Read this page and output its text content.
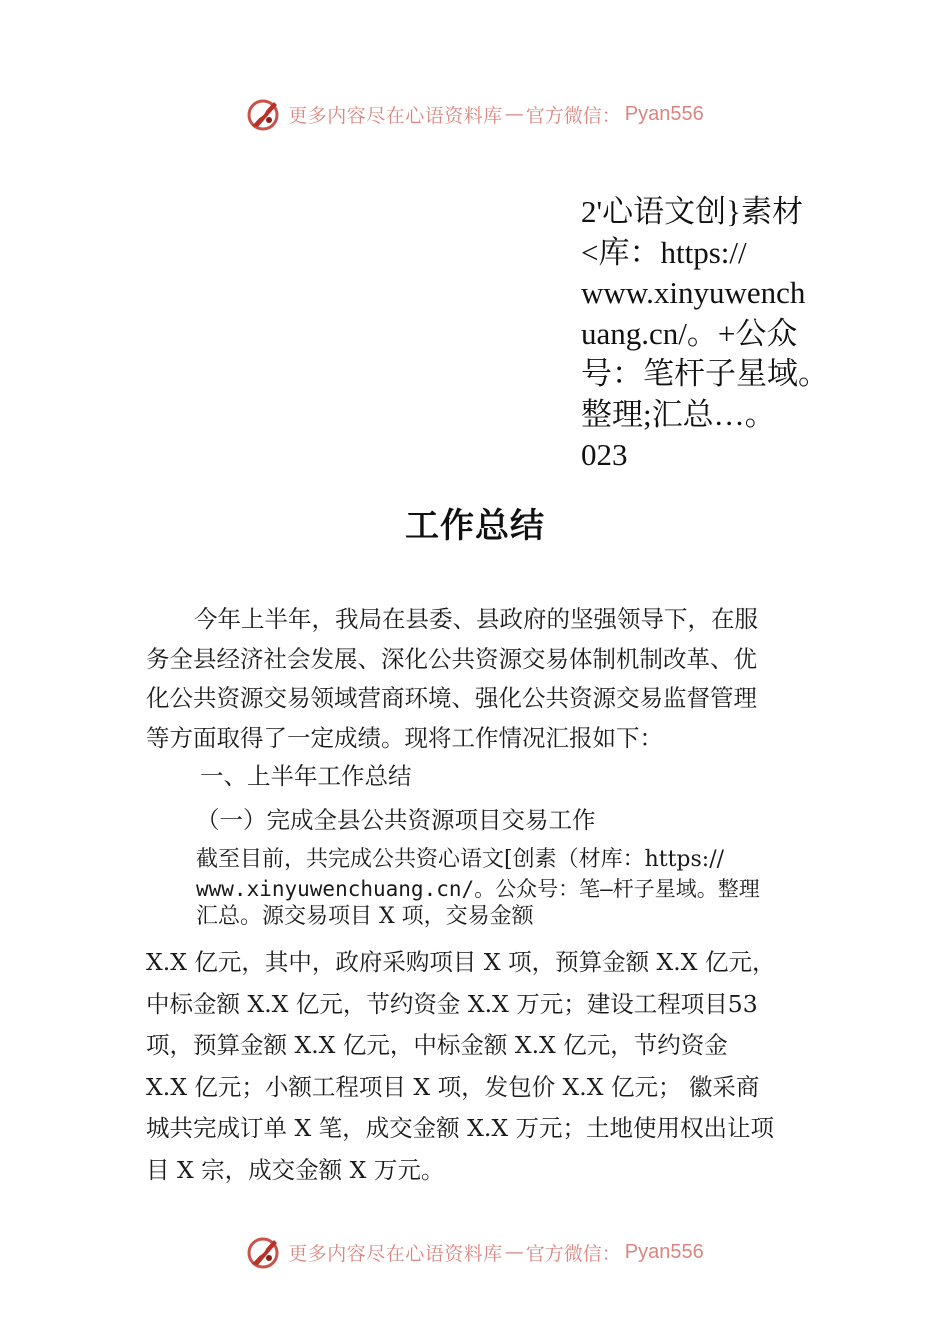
更多内容尽在心语资料库 — 官方微信： Pyan556
2'心语文创}素材
<库：https://
www.xinyuwench
uang.cn/。+公众
号：笔杆子星域。
整理;汇总…。
023
工作总结
今年上半年，我局在县委、县政府的坚强领导下，在服
务全县经济社会发展、深化公共资源交易体制机制改革、优
化公共资源交易领域营商环境、强化公共资源交易监督管理
等方面取得了一定成绩。现将工作情况汇报如下：
一、上半年工作总结
（一）完成全县公共资源项目交易工作
截至目前，共完成公共资心语文[创素（材库：https://
www.xinyuwenchuang.cn/。公众号：笔—杆子星域。整理
汇总。源交易项目 X 项，交易金额
X.X 亿元，其中，政府采购项目 X 项，预算金额 X.X 亿元，
中标金额 X.X 亿元，节约资金 X.X 万元；建设工程项目53
项，预算金额 X.X 亿元，中标金额 X.X 亿元，节约资金
X.X 亿元；小额工程项目 X 项，发包价 X.X 亿元； 徽采商
城共完成订单 X 笔，成交金额 X.X 万元；土地使用权出让项
目 X 宗，成交金额 X 万元。
更多内容尽在心语资料库 — 官方微信： Pyan556
